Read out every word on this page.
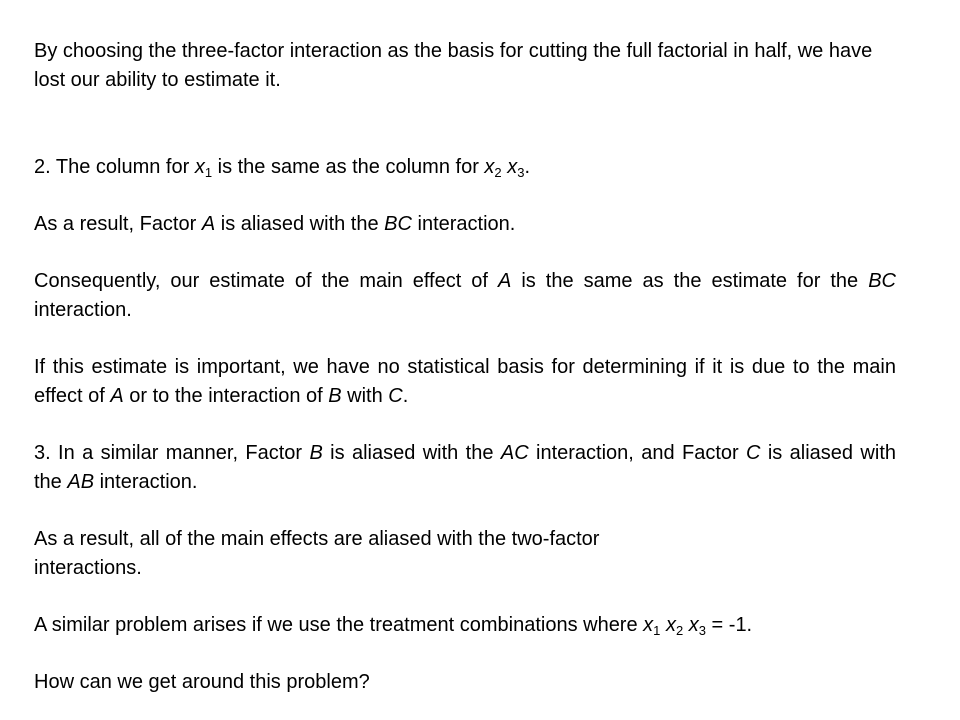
By choosing the three-factor interaction as the basis for cutting the full factorial in half, we have lost our ability to estimate it.

2. The column for $x_1$ is the same as the column for $x_2$ $x_3$.

As a result, Factor A is aliased with the BC interaction.

Consequently, our estimate of the main effect of A is the same as the estimate for the BC interaction.

If this estimate is important, we have no statistical basis for determining if it is due to the main effect of A or to the interaction of B with C.

3. In a similar manner, Factor B is aliased with the AC interaction, and Factor C is aliased with the AB interaction.

As a result, all of the main effects are aliased with the two-factor
interactions.

A similar problem arises if we use the treatment combinations where $x_1$ $x_2$ $x_3 = -1$.

How can we get around this problem?
